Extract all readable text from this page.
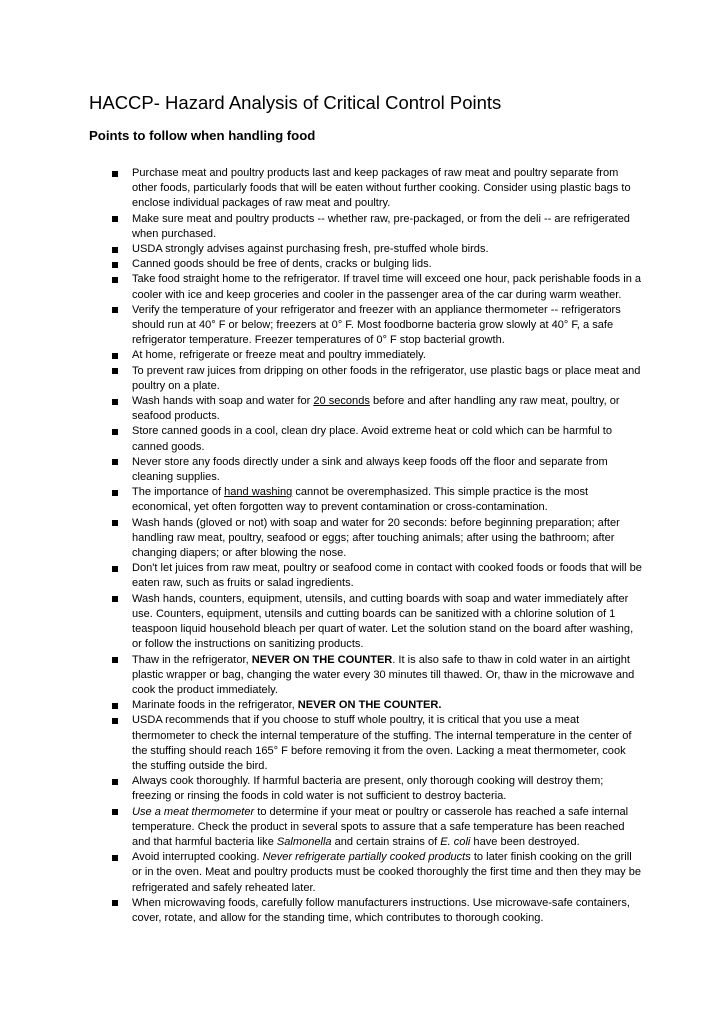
HACCP- Hazard Analysis of Critical Control Points
Points to follow when handling food
Purchase meat and poultry products last and keep packages of raw meat and poultry separate from other foods, particularly foods that will be eaten without further cooking. Consider using plastic bags to enclose individual packages of raw meat and poultry.
Make sure meat and poultry products -- whether raw, pre-packaged, or from the deli -- are refrigerated when purchased.
USDA strongly advises against purchasing fresh, pre-stuffed whole birds.
Canned goods should be free of dents, cracks or bulging lids.
Take food straight home to the refrigerator. If travel time will exceed one hour, pack perishable foods in a cooler with ice and keep groceries and cooler in the passenger area of the car during warm weather.
Verify the temperature of your refrigerator and freezer with an appliance thermometer -- refrigerators should run at 40° F or below; freezers at 0° F. Most foodborne bacteria grow slowly at 40° F, a safe refrigerator temperature. Freezer temperatures of 0° F stop bacterial growth.
At home, refrigerate or freeze meat and poultry immediately.
To prevent raw juices from dripping on other foods in the refrigerator, use plastic bags or place meat and poultry on a plate.
Wash hands with soap and water for 20 seconds before and after handling any raw meat, poultry, or seafood products.
Store canned goods in a cool, clean dry place. Avoid extreme heat or cold which can be harmful to canned goods.
Never store any foods directly under a sink and always keep foods off the floor and separate from cleaning supplies.
The importance of hand washing cannot be overemphasized. This simple practice is the most economical, yet often forgotten way to prevent contamination or cross-contamination.
Wash hands (gloved or not) with soap and water for 20 seconds: before beginning preparation; after handling raw meat, poultry, seafood or eggs; after touching animals; after using the bathroom; after changing diapers; or after blowing the nose.
Don't let juices from raw meat, poultry or seafood come in contact with cooked foods or foods that will be eaten raw, such as fruits or salad ingredients.
Wash hands, counters, equipment, utensils, and cutting boards with soap and water immediately after use. Counters, equipment, utensils and cutting boards can be sanitized with a chlorine solution of 1 teaspoon liquid household bleach per quart of water. Let the solution stand on the board after washing, or follow the instructions on sanitizing products.
Thaw in the refrigerator, NEVER ON THE COUNTER. It is also safe to thaw in cold water in an airtight plastic wrapper or bag, changing the water every 30 minutes till thawed. Or, thaw in the microwave and cook the product immediately.
Marinate foods in the refrigerator, NEVER ON THE COUNTER.
USDA recommends that if you choose to stuff whole poultry, it is critical that you use a meat thermometer to check the internal temperature of the stuffing. The internal temperature in the center of the stuffing should reach 165° F before removing it from the oven. Lacking a meat thermometer, cook the stuffing outside the bird.
Always cook thoroughly. If harmful bacteria are present, only thorough cooking will destroy them; freezing or rinsing the foods in cold water is not sufficient to destroy bacteria.
Use a meat thermometer to determine if your meat or poultry or casserole has reached a safe internal temperature. Check the product in several spots to assure that a safe temperature has been reached and that harmful bacteria like Salmonella and certain strains of E. coli have been destroyed.
Avoid interrupted cooking. Never refrigerate partially cooked products to later finish cooking on the grill or in the oven. Meat and poultry products must be cooked thoroughly the first time and then they may be refrigerated and safely reheated later.
When microwaving foods, carefully follow manufacturers instructions. Use microwave-safe containers, cover, rotate, and allow for the standing time, which contributes to thorough cooking.
